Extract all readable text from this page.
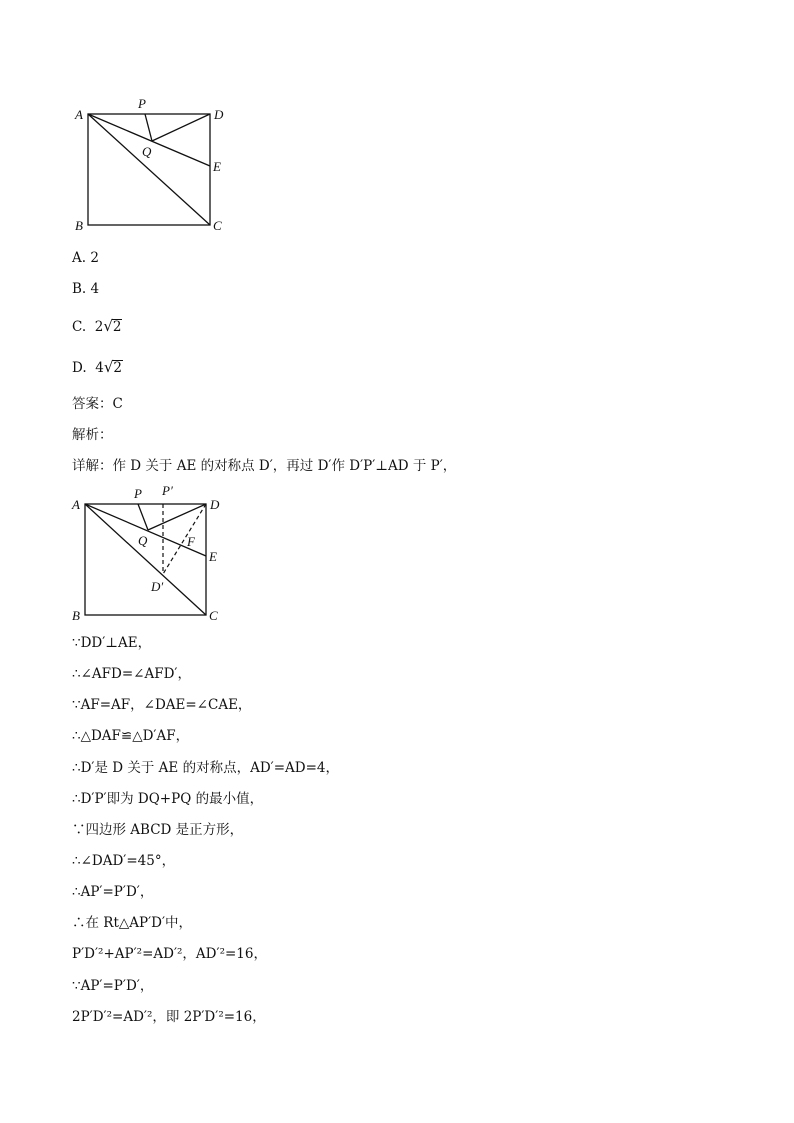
A
P
D
Q
E
B	C
A. 2
B. 4
C. 2√2
D. 4√2
答案：C
解析：
详解：作 D 关于 AE 的对称点 D′，再过 D′作 D′P′⊥AD 于 P′，
A
P P′
D
Q	F
E
D′
B	C
∵DD′⊥AE，
∴∠AFD=∠AFD′，
∵AF=AF，∠DAE=∠CAE，
∴△DAF≌△D′AF，
∴D′是 D 关于 AE 的对称点，AD′=AD=4，
∴D′P′即为 DQ+PQ 的最小值，
∵四边形 ABCD 是正方形，
∴∠DAD′=45°，
∴AP′=P′D′，
∴在 Rt△AP′D′中，
P′D′²+AP′²=AD′²，AD′²=16，
∵AP′=P′D′，
2P′D′²=AD′²，即 2P′D′²=16，
